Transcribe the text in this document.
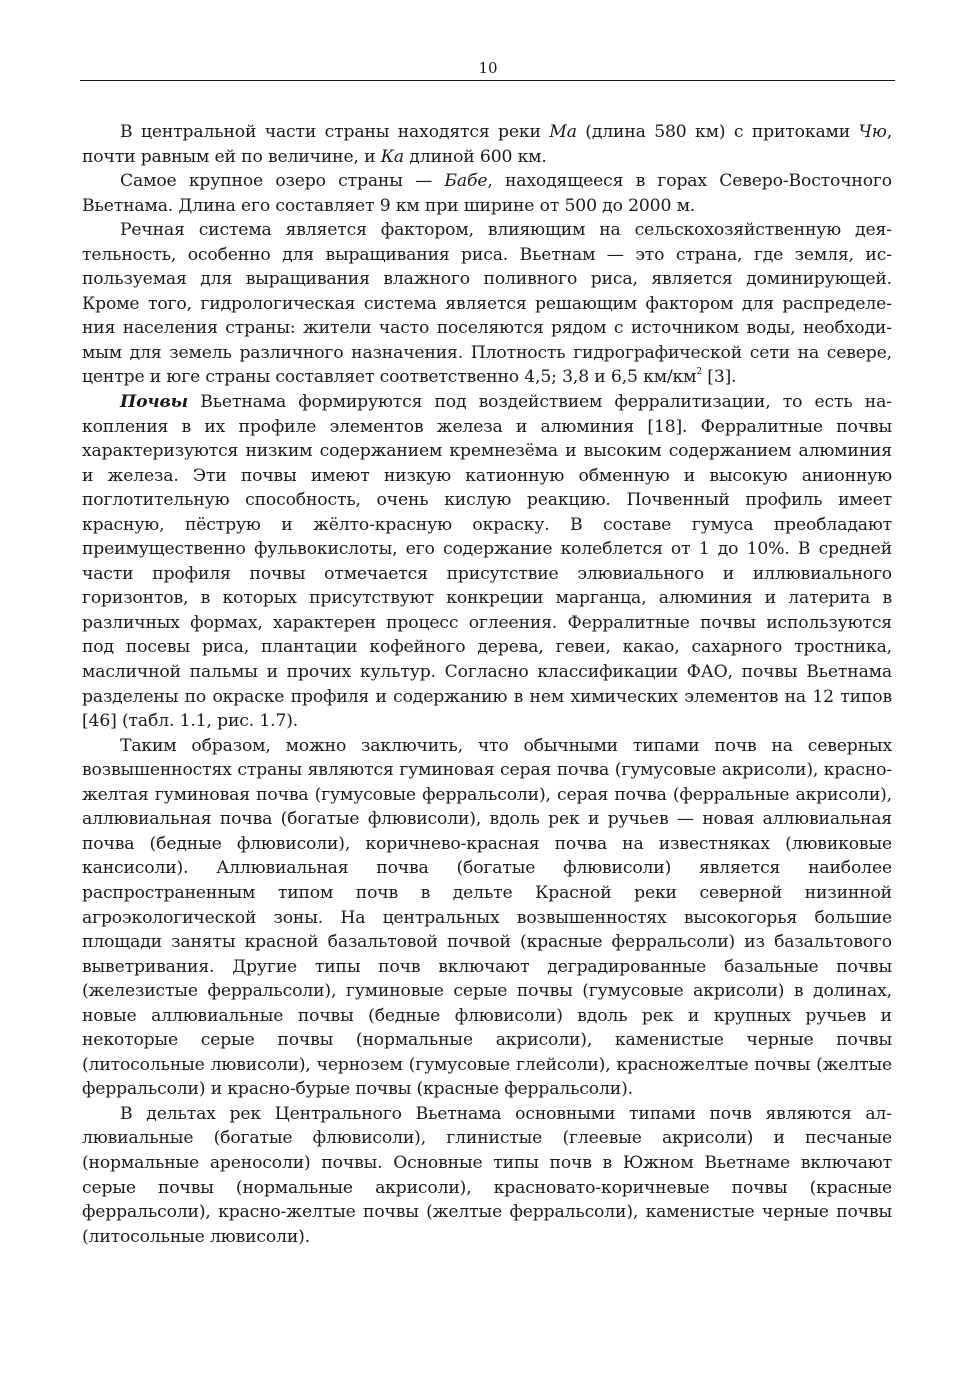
10

В центральной части страны находятся реки Ма (длина 580 км) с притоками Чю, почти равным ей по величине, и Ка длиной 600 км.

Самое крупное озеро страны — Бабе, находящееся в горах Северо-Восточного Вьетнама. Длина его составляет 9 км при ширине от 500 до 2000 м.

Речная система является фактором, влияющим на сельскохозяйственную деятельность, особенно для выращивания риса. Вьетнам — это страна, где земля, используемая для выращивания влажного поливного риса, является доминирующей. Кроме того, гидрологическая система является решающим фактором для распределения населения страны: жители часто поселяются рядом с источником воды, необходимым для земель различного назначения. Плотность гидрографической сети на севере, центре и юге страны составляет соответственно 4,5; 3,8 и 6,5 $км/км^2$ [3].

Почвы Вьетнама формируются под воздействием ферралитизации, то есть накопления в их профиле элементов железа и алюминия [18]. Ферралитные почвы характеризуются низким содержанием кремнезёма и высоким содержанием алюминия и железа. Эти почвы имеют низкую катионную обменную и высокую анионную поглотительную способность, очень кислую реакцию. Почвенный профиль имеет красную, пёструю и жёлто-красную окраску. В составе гумуса преобладают преимущественно фульвокислоты, его содержание колеблется от 1 до 10%. В средней части профиля почвы отмечается присутствие элювиального и иллювиального горизонтов, в которых присутствуют конкреции марганца, алюминия и латерита в различных формах, характерен процесс оглеения. Ферралитные почвы используются под посевы риса, плантации кофейного дерева, гевеи, какао, сахарного тростника, масличной пальмы и прочих культур. Согласно классификации ФАО, почвы Вьетнама разделены по окраске профиля и содержанию в нем химических элементов на 12 типов [46] (табл. 1.1, рис. 1.7).

Таким образом, можно заключить, что обычными типами почв на северных возвышенностях страны являются гуминовая серая почва (гумусовые акрисоли), красно-желтая гуминовая почва (гумусовые ферральсоли), серая почва (ферральные акрисоли), аллювиальная почва (богатые флювисоли), вдоль рек и ручьев — новая аллювиальная почва (бедные флювисоли), коричнево-красная почва на известняках (лювиковые кансисоли). Аллювиальная почва (богатые флювисоли) является наиболее распространенным типом почв в дельте Красной реки северной низинной агроэкологической зоны. На центральных возвышенностях высокогорья большие площади заняты красной базальтовой почвой (красные ферральсоли) из базальтового выветривания. Другие типы почв включают деградированные базальные почвы (железистые ферральсоли), гуминовые серые почвы (гумусовые акрисоли) в долинах, новые аллювиальные почвы (бедные флювисоли) вдоль рек и крупных ручьев и некоторые серые почвы (нормальные акрисоли), каменистые черные почвы (литосольные лювисоли), чернозем (гумусовые глейсоли), красножелтые почвы (желтые ферральсоли) и красно-бурые почвы (красные ферральсоли).

В дельтах рек Центрального Вьетнама основными типами почв являются аллювиальные (богатые флювисоли), глинистые (глеевые акрисоли) и песчаные (нормальные ареносоли) почвы. Основные типы почв в Южном Вьетнаме включают серые почвы (нормальные акрисоли), красновато-коричневые почвы (красные ферральсоли), красно-желтые почвы (желтые ферральсоли), каменистые черные почвы (литосольные лювисоли).
